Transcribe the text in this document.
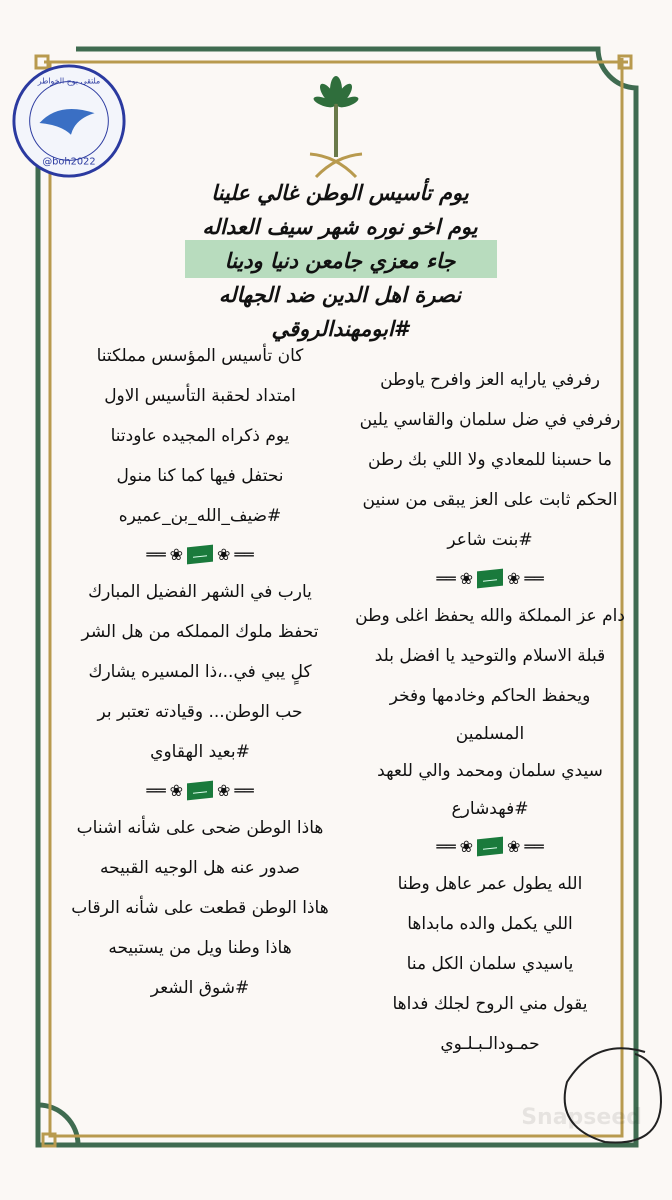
@boh2022
ملتقى بوح الخواطر
يوم تأسيس الوطن غالي علينا
يوم اخو نوره شهر سيف العداله
جاء معزي جامعن دنيا ودينا
نصرة اهل الدين ضد الجهاله
#ابومهندالروقي
كان تأسيس المؤسس مملكتنا
امتداد لحقبة التأسيس الاول
يوم ذكراه المجيده عاودتنا
نحتفل فيها كما كنا منول
#ضيف_الله_بن_عميره
══ ❀ ❀ ══
يارب في الشهر الفضيل المبارك
تحفظ ملوك المملكه من هل الشر
كلٍ يبي في..،ذا المسيره يشارك
حب الوطن... وقيادته تعتبر بر
#بعيد الهقاوي
══ ❀ ❀ ══
هاذا الوطن ضحى على شأنه اشناب
صدور عنه هل الوجيه القبيحه
هاذا الوطن قطعت على شأنه الرقاب
هاذا وطنا ويل من يستبيحه
#شوق الشعر
رفرفي يارايه العز وافرح ياوطن
رفرفي في ضل سلمان والقاسي يلين
ما حسبنا للمعادي ولا اللي بك رطن
الحكم ثابت على العز يبقى من سنين
#بنت شاعر
══ ❀ ❀ ══
دام عز المملكة والله يحفظ اغلى وطن
قبلة الاسلام والتوحيد يا افضل بلد
ويحفظ الحاكم وخادمها وفخر
المسلمين
سيدي سلمان ومحمد والي للعهد
#فهدشارع
══ ❀ ❀ ══
الله يطول عمر عاهل وطنا
اللي يكمل والده مابداها
ياسيدي سلمان الكل منا
يقول مني الروح لجلك فداها
حمـودالـبـلـوي
Snapseed
